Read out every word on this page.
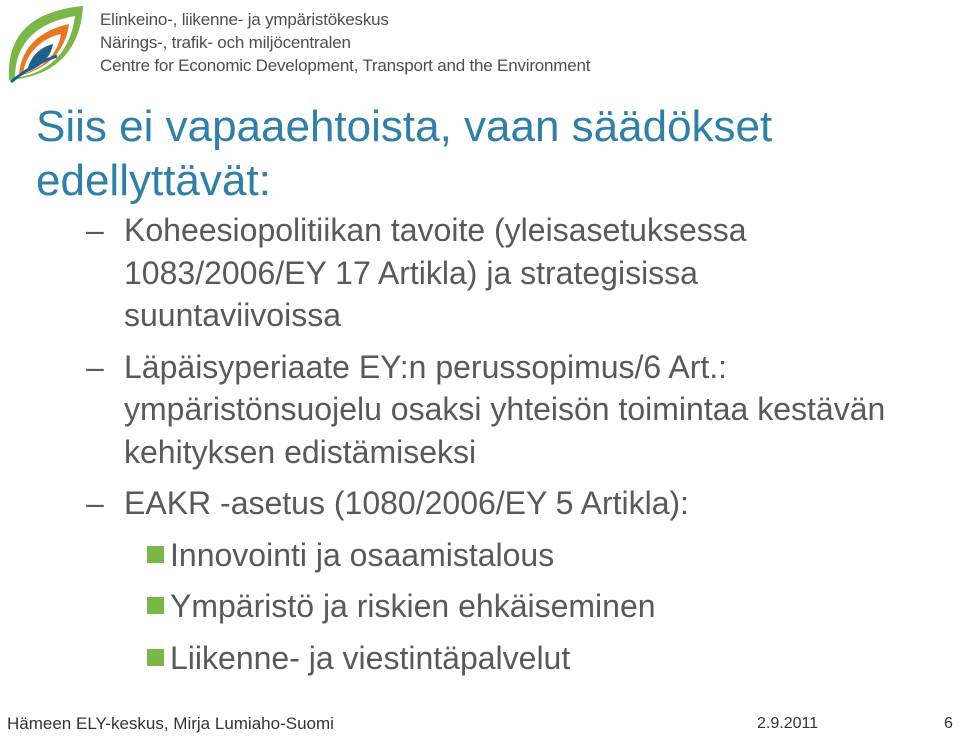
Elinkeino-, liikenne- ja ympäristökeskus
Närings-, trafik- och miljöcentralen
Centre for Economic Development, Transport and the Environment
Siis ei vapaaehtoista, vaan säädökset
edellyttävät:
– Koheesiopolitiikan tavoite (yleisasetuksessa
1083/2006/EY 17 Artikla) ja strategisissa
suuntaviivoissa
– Läpäisyperiaate EY:n perussopimus/6 Art.:
ympäristönsuojelu osaksi yhteisön toimintaa kestävän
kehityksen edistämiseksi
– EAKR -asetus (1080/2006/EY 5 Artikla):
Innovointi ja osaamistalous
Ympäristö ja riskien ehkäiseminen
Liikenne- ja viestintäpalvelut
Hämeen ELY-keskus, Mirja Lumiaho-Suomi	2.9.2011	6
